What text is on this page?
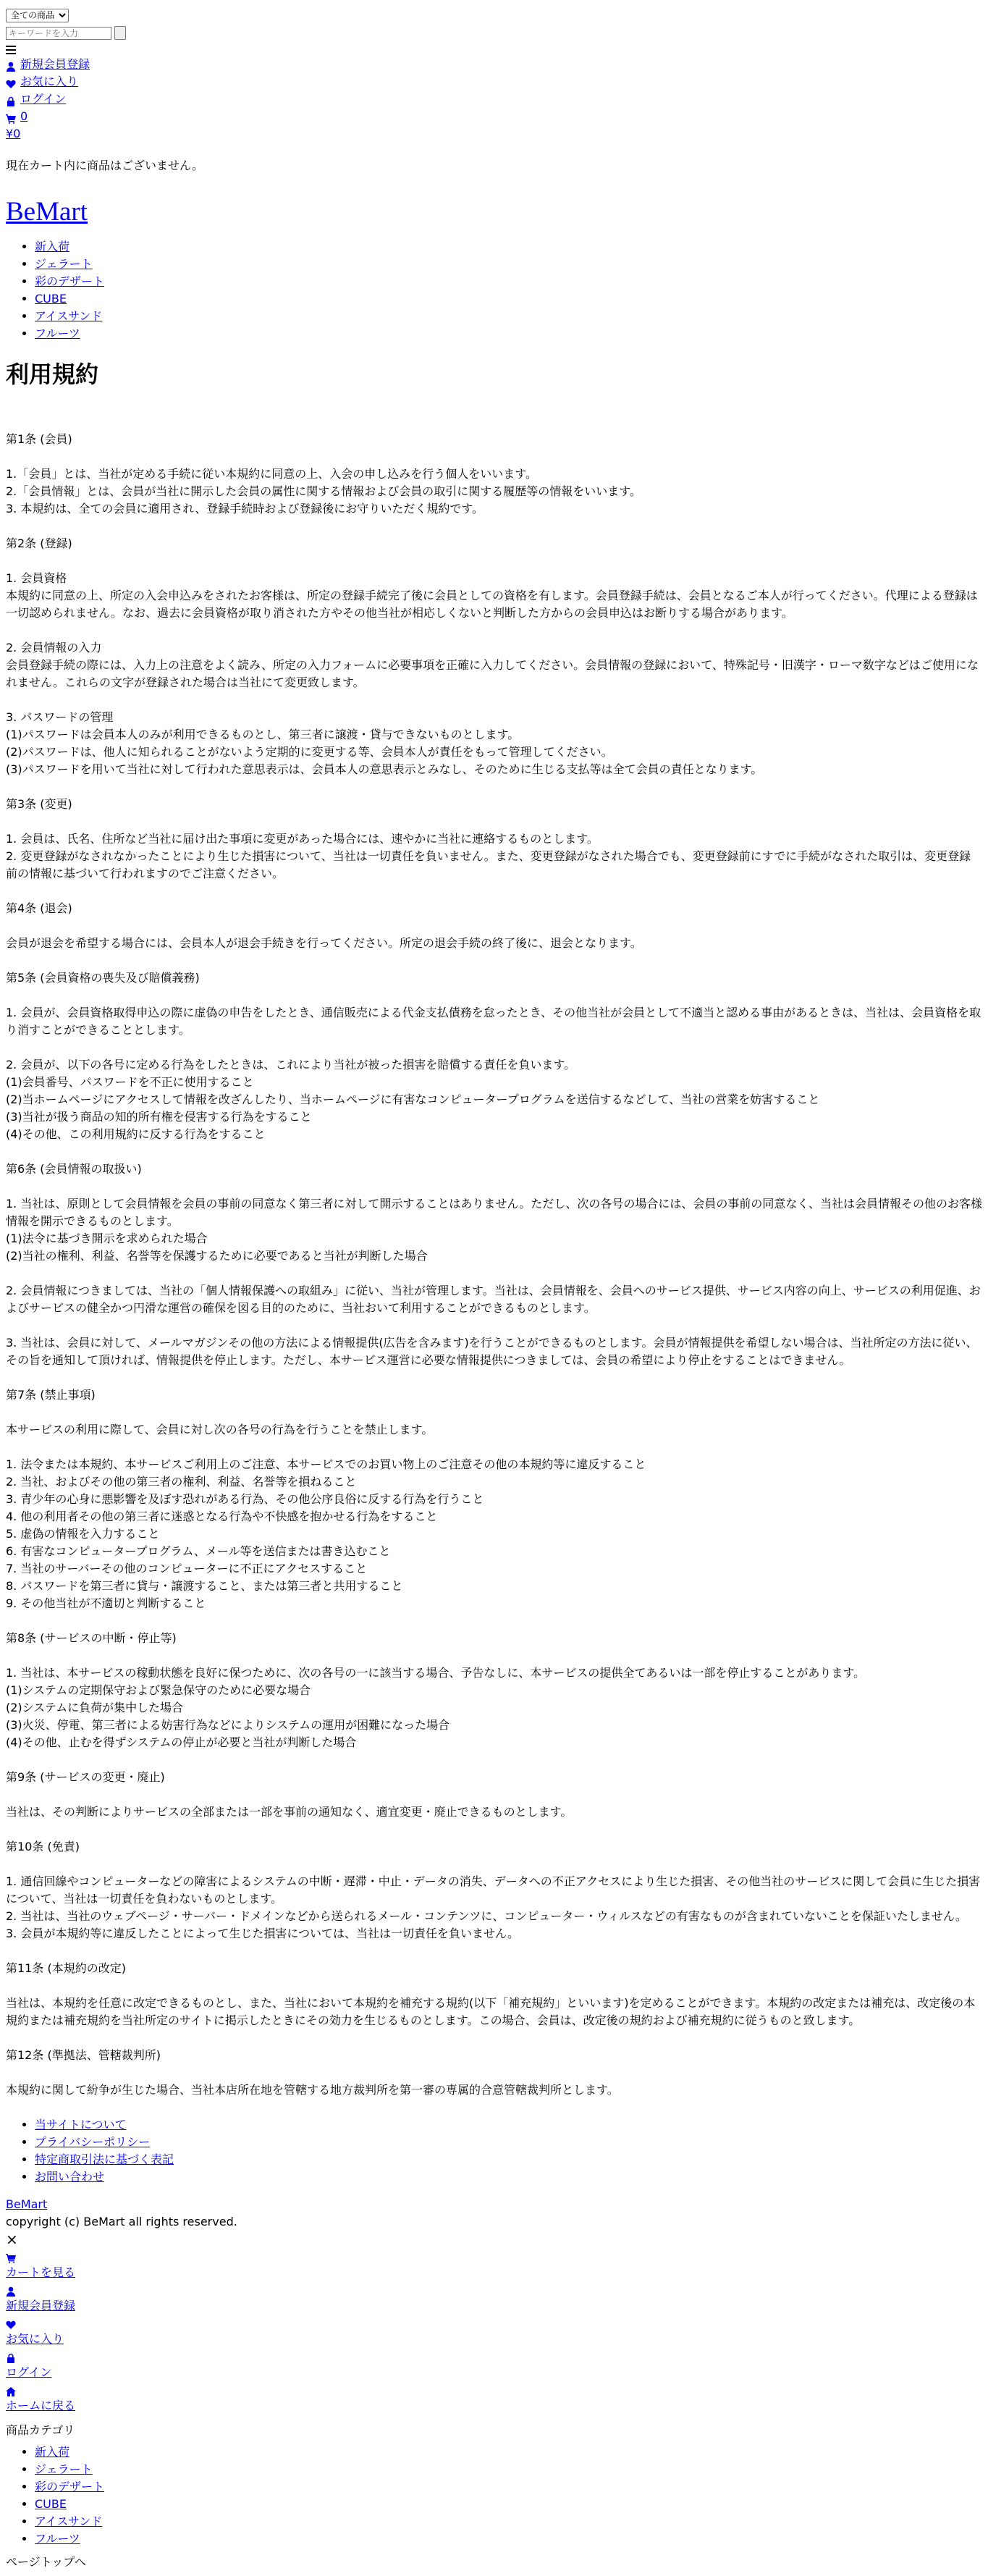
全ての商品
キーワードを入力
新規会員登録
お気に入り
ログイン
0
¥0
現在カート内に商品はございません。
BeMart
• 新入荷
• ジェラート
• 彩のデザート
• CUBE
• アイスサンド
• フルーツ
利用規約

第1条 (会員)

1.「会員」とは、当社が定める手続に従い本規約に同意の上、入会の申し込みを行う個人をいいます。
2.「会員情報」とは、会員が当社に開示した会員の属性に関する情報および会員の取引に関する履歴等の情報をいいます。
3. 本規約は、全ての会員に適用され、登録手続時および登録後にお守りいただく規約です。

第2条 (登録)

1. 会員資格
本規約に同意の上、所定の入会申込みをされたお客様は、所定の登録手続完了後に会員としての資格を有します。会員登録手続は、会員となるご本人が行ってください。代理による登録は一切認められません。なお、過去に会員資格が取り消された方やその他当社が相応しくないと判断した方からの会員申込はお断りする場合があります。

2. 会員情報の入力
会員登録手続の際には、入力上の注意をよく読み、所定の入力フォームに必要事項を正確に入力してください。会員情報の登録において、特殊記号・旧漢字・ローマ数字などはご使用になれません。これらの文字が登録された場合は当社にて変更致します。

3. パスワードの管理
(1)パスワードは会員本人のみが利用できるものとし、第三者に譲渡・貸与できないものとします。
(2)パスワードは、他人に知られることがないよう定期的に変更する等、会員本人が責任をもって管理してください。
(3)パスワードを用いて当社に対して行われた意思表示は、会員本人の意思表示とみなし、そのために生じる支払等は全て会員の責任となります。

第3条 (変更)

1. 会員は、氏名、住所など当社に届け出た事項に変更があった場合には、速やかに当社に連絡するものとします。
2. 変更登録がなされなかったことにより生じた損害について、当社は一切責任を負いません。また、変更登録がなされた場合でも、変更登録前にすでに手続がなされた取引は、変更登録前の情報に基づいて行われますのでご注意ください。

第4条 (退会)

会員が退会を希望する場合には、会員本人が退会手続きを行ってください。所定の退会手続の終了後に、退会となります。

第5条 (会員資格の喪失及び賠償義務)

1. 会員が、会員資格取得申込の際に虚偽の申告をしたとき、通信販売による代金支払債務を怠ったとき、その他当社が会員として不適当と認める事由があるときは、当社は、会員資格を取り消すことができることとします。

2. 会員が、以下の各号に定める行為をしたときは、これにより当社が被った損害を賠償する責任を負います。
(1)会員番号、パスワードを不正に使用すること
(2)当ホームページにアクセスして情報を改ざんしたり、当ホームページに有害なコンピュータープログラムを送信するなどして、当社の営業を妨害すること
(3)当社が扱う商品の知的所有権を侵害する行為をすること
(4)その他、この利用規約に反する行為をすること

第6条 (会員情報の取扱い)

1. 当社は、原則として会員情報を会員の事前の同意なく第三者に対して開示することはありません。ただし、次の各号の場合には、会員の事前の同意なく、当社は会員情報その他のお客様情報を開示できるものとします。
(1)法令に基づき開示を求められた場合
(2)当社の権利、利益、名誉等を保護するために必要であると当社が判断した場合

2. 会員情報につきましては、当社の「個人情報保護への取組み」に従い、当社が管理します。当社は、会員情報を、会員へのサービス提供、サービス内容の向上、サービスの利用促進、およびサービスの健全かつ円滑な運営の確保を図る目的のために、当社おいて利用することができるものとします。

3. 当社は、会員に対して、メールマガジンその他の方法による情報提供(広告を含みます)を行うことができるものとします。会員が情報提供を希望しない場合は、当社所定の方法に従い、その旨を通知して頂ければ、情報提供を停止します。ただし、本サービス運営に必要な情報提供につきましては、会員の希望により停止をすることはできません。

第7条 (禁止事項)

本サービスの利用に際して、会員に対し次の各号の行為を行うことを禁止します。

1. 法令または本規約、本サービスご利用上のご注意、本サービスでのお買い物上のご注意その他の本規約等に違反すること
2. 当社、およびその他の第三者の権利、利益、名誉等を損ねること
3. 青少年の心身に悪影響を及ぼす恐れがある行為、その他公序良俗に反する行為を行うこと
4. 他の利用者その他の第三者に迷惑となる行為や不快感を抱かせる行為をすること
5. 虚偽の情報を入力すること
6. 有害なコンピュータープログラム、メール等を送信または書き込むこと
7. 当社のサーバーその他のコンピューターに不正にアクセスすること
8. パスワードを第三者に貸与・譲渡すること、または第三者と共用すること
9. その他当社が不適切と判断すること

第8条 (サービスの中断・停止等)

1. 当社は、本サービスの稼動状態を良好に保つために、次の各号の一に該当する場合、予告なしに、本サービスの提供全てあるいは一部を停止することがあります。
(1)システムの定期保守および緊急保守のために必要な場合
(2)システムに負荷が集中した場合
(3)火災、停電、第三者による妨害行為などによりシステムの運用が困難になった場合
(4)その他、止むを得ずシステムの停止が必要と当社が判断した場合

第9条 (サービスの変更・廃止)

当社は、その判断によりサービスの全部または一部を事前の通知なく、適宜変更・廃止できるものとします。

第10条 (免責)

1. 通信回線やコンピューターなどの障害によるシステムの中断・遅滞・中止・データの消失、データへの不正アクセスにより生じた損害、その他当社のサービスに関して会員に生じた損害について、当社は一切責任を負わないものとします。
2. 当社は、当社のウェブページ・サーバー・ドメインなどから送られるメール・コンテンツに、コンピューター・ウィルスなどの有害なものが含まれていないことを保証いたしません。
3. 会員が本規約等に違反したことによって生じた損害については、当社は一切責任を負いません。

第11条 (本規約の改定)

当社は、本規約を任意に改定できるものとし、また、当社において本規約を補充する規約(以下「補充規約」といいます)を定めることができます。本規約の改定または補充は、改定後の本規約または補充規約を当社所定のサイトに掲示したときにその効力を生じるものとします。この場合、会員は、改定後の規約および補充規約に従うものと致します。

第12条 (準拠法、管轄裁判所)

本規約に関して紛争が生じた場合、当社本店所在地を管轄する地方裁判所を第一審の専属的合意管轄裁判所とします。

• 当サイトについて
• プライバシーポリシー
• 特定商取引法に基づく表記
• お問い合わせ
BeMart
copyright (c) BeMart all rights reserved.
×
カートを見る
新規会員登録
お気に入り
ログイン
ホームに戻る
商品カテゴリ
• 新入荷
• ジェラート
• 彩のデザート
• CUBE
• アイスサンド
• フルーツ
ページトップへ
